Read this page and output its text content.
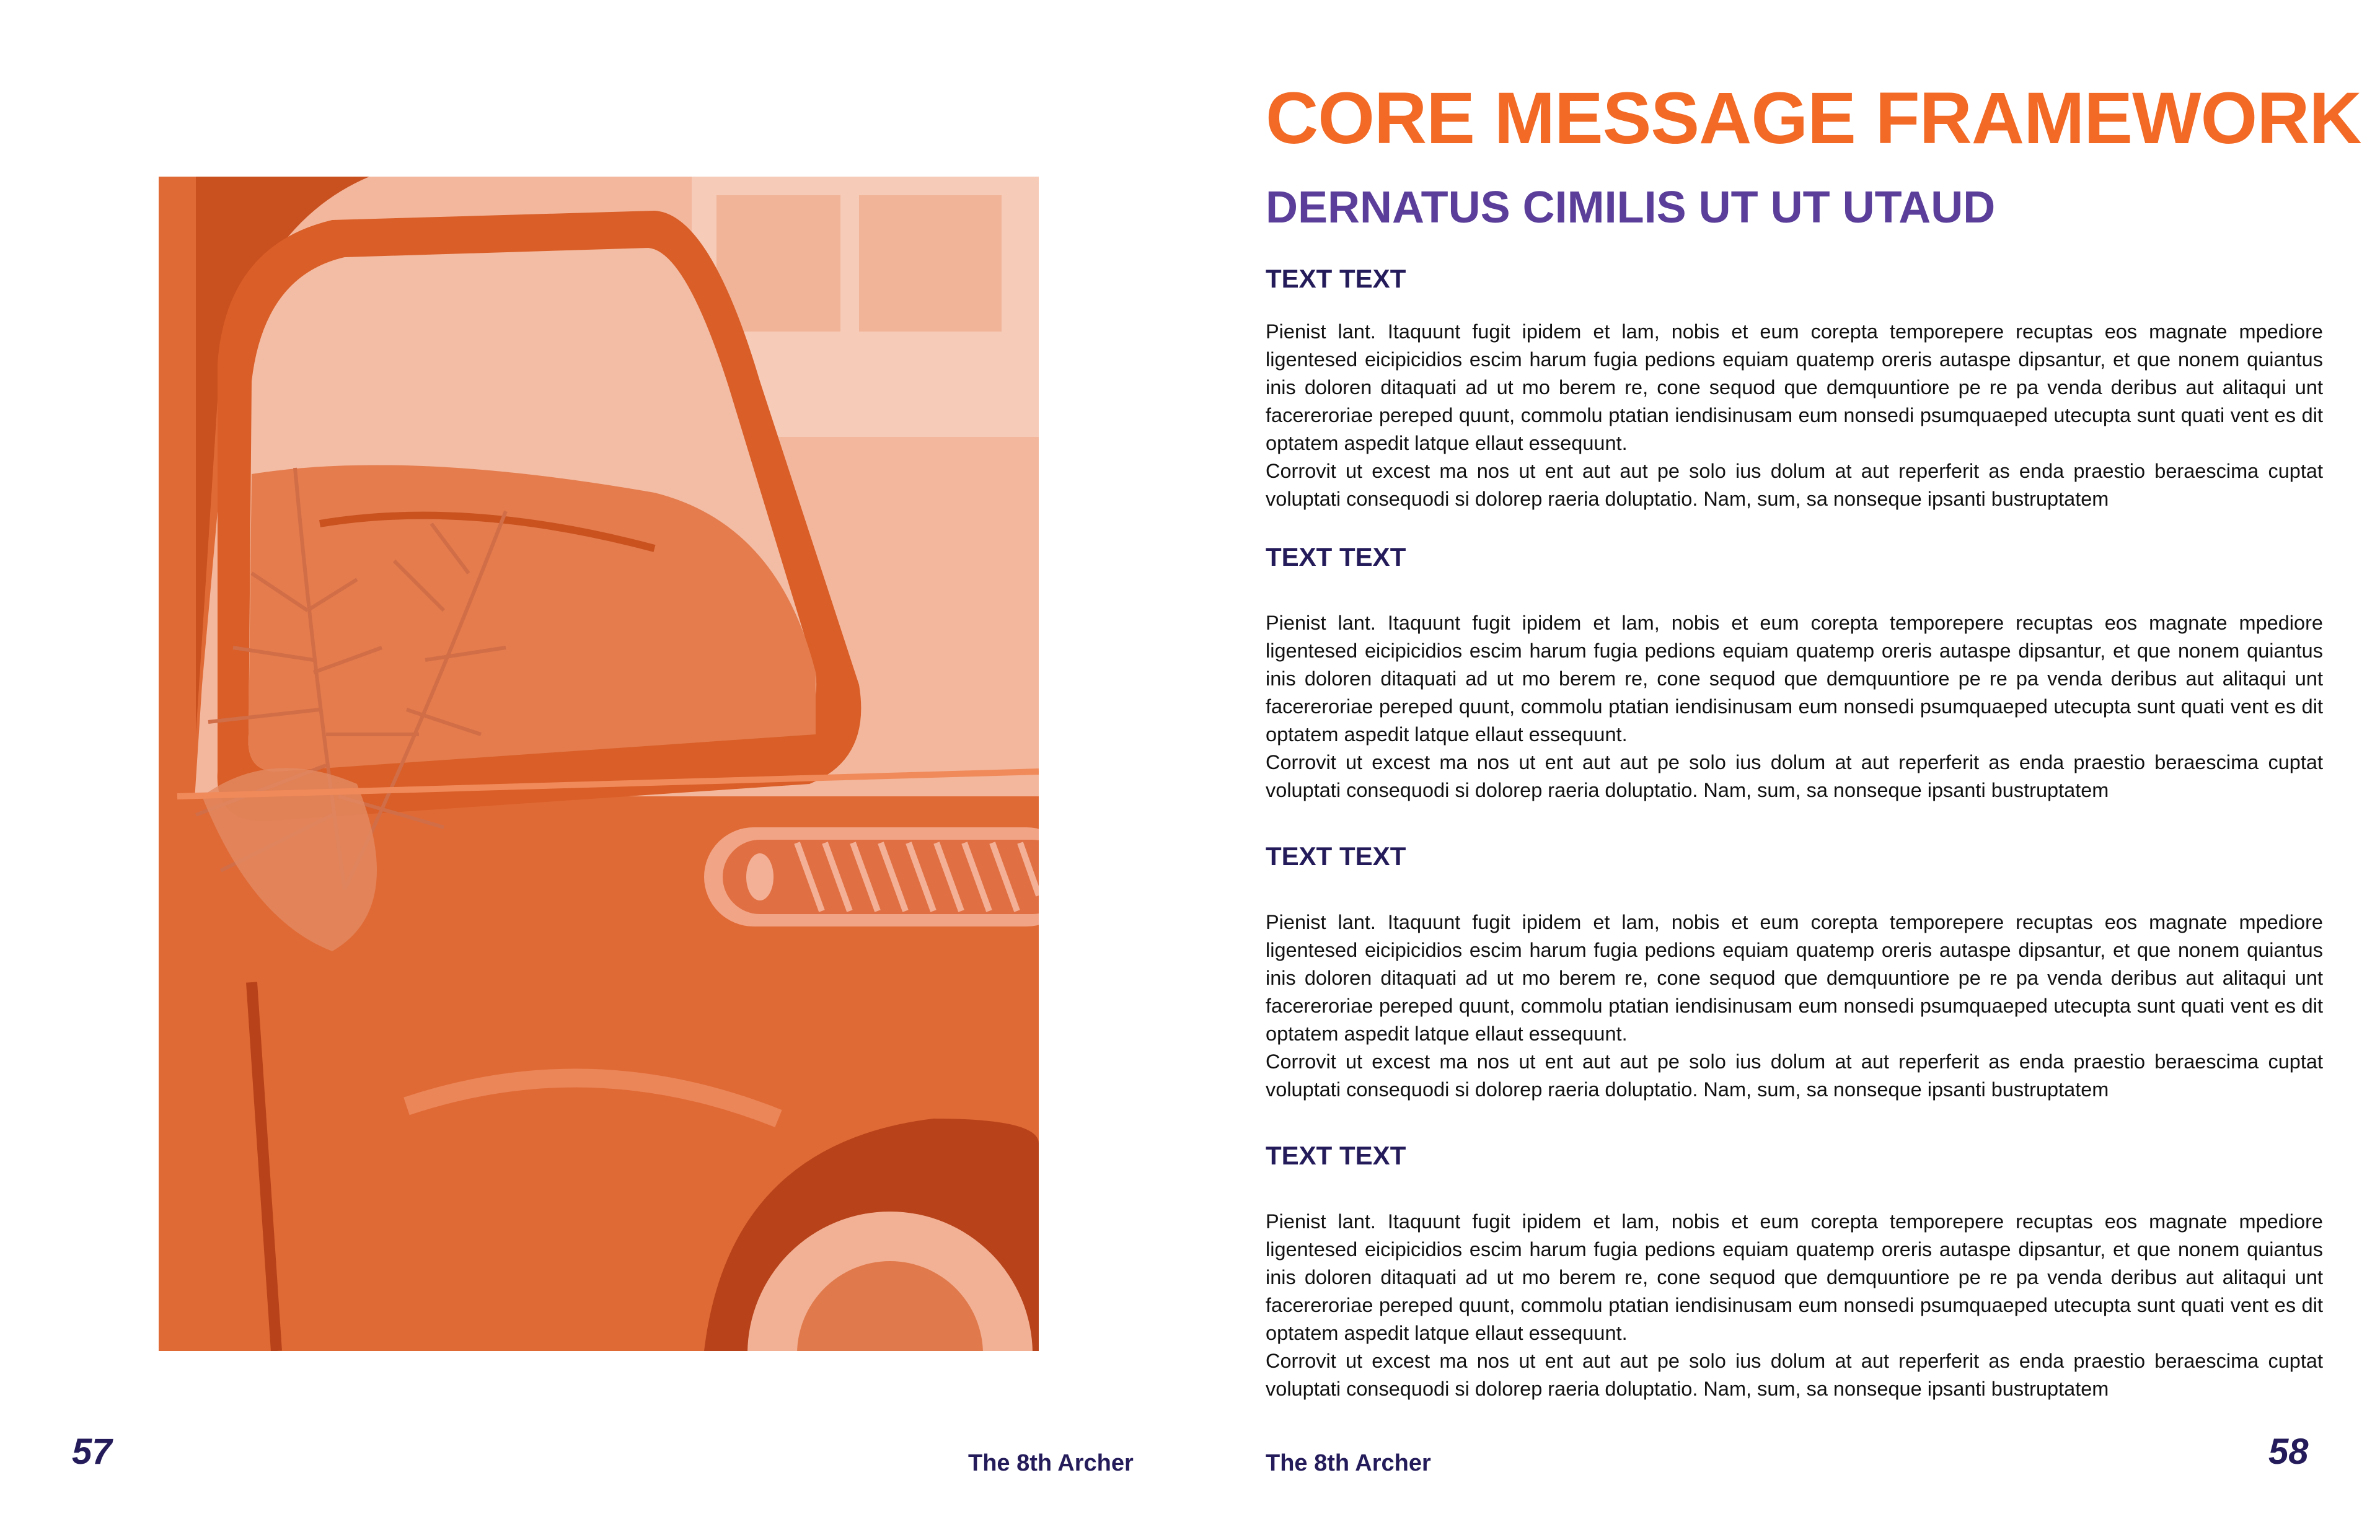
CORE MESSAGE FRAMEWORK
DERNATUS CIMILIS UT UT UTAUD
TEXT TEXT

Pienist lant. Itaquunt fugit ipidem et lam, nobis et eum corepta temporepere recuptas eos magnate mpediore ligentesed eicipicidios escim harum fugia pedions equiam quatemp oreris autaspe dipsantur, et que nonem quiantus inis doloren ditaquati ad ut mo berem re, cone sequod que demquuntiore pe re pa venda deribus aut alitaqui unt facereroriae pereped quunt, commolu ptatian iendisinusam eum nonsedi psumquaeped utecupta sunt quati vent es dit optatem aspedit latque ellaut essequunt.
Corrovit ut excest ma nos ut ent aut aut pe solo ius dolum at aut reperferit as enda praestio beraescima cuptat voluptati consequodi si dolorep raeria doluptatio. Nam, sum, sa nonseque ipsanti bustruptatem

TEXT TEXT

Pienist lant. Itaquunt fugit ipidem et lam, nobis et eum corepta temporepere recuptas eos magnate mpediore ligentesed eicipicidios escim harum fugia pedions equiam quatemp oreris autaspe dipsantur, et que nonem quiantus inis doloren ditaquati ad ut mo berem re, cone sequod que demquuntiore pe re pa venda deribus aut alitaqui unt facereroriae pereped quunt, commolu ptatian iendisinusam eum nonsedi psumquaeped utecupta sunt quati vent es dit optatem aspedit latque ellaut essequunt.
Corrovit ut excest ma nos ut ent aut aut pe solo ius dolum at aut reperferit as enda praestio beraescima cuptat voluptati consequodi si dolorep raeria doluptatio. Nam, sum, sa nonseque ipsanti bustruptatem

TEXT TEXT

Pienist lant. Itaquunt fugit ipidem et lam, nobis et eum corepta temporepere recuptas eos magnate mpediore ligentesed eicipicidios escim harum fugia pedions equiam quatemp oreris autaspe dipsantur, et que nonem quiantus inis doloren ditaquati ad ut mo berem re, cone sequod que demquuntiore pe re pa venda deribus aut alitaqui unt facereroriae pereped quunt, commolu ptatian iendisinusam eum nonsedi psumquaeped utecupta sunt quati vent es dit optatem aspedit latque ellaut essequunt.
Corrovit ut excest ma nos ut ent aut aut pe solo ius dolum at aut reperferit as enda praestio beraescima cuptat voluptati consequodi si dolorep raeria doluptatio. Nam, sum, sa nonseque ipsanti bustruptatem

TEXT TEXT

Pienist lant. Itaquunt fugit ipidem et lam, nobis et eum corepta temporepere recuptas eos magnate mpediore ligentesed eicipicidios escim harum fugia pedions equiam quatemp oreris autaspe dipsantur, et que nonem quiantus inis doloren ditaquati ad ut mo berem re, cone sequod que demquuntiore pe re pa venda deribus aut alitaqui unt facereroriae pereped quunt, commolu ptatian iendisinusam eum nonsedi psumquaeped utecupta sunt quati vent es dit optatem aspedit latque ellaut essequunt.
Corrovit ut excest ma nos ut ent aut aut pe solo ius dolum at aut reperferit as enda praestio beraescima cuptat voluptati consequodi si dolorep raeria doluptatio. Nam, sum, sa nonseque ipsanti bustruptatem

57	The 8th Archer	The 8th Archer	58
